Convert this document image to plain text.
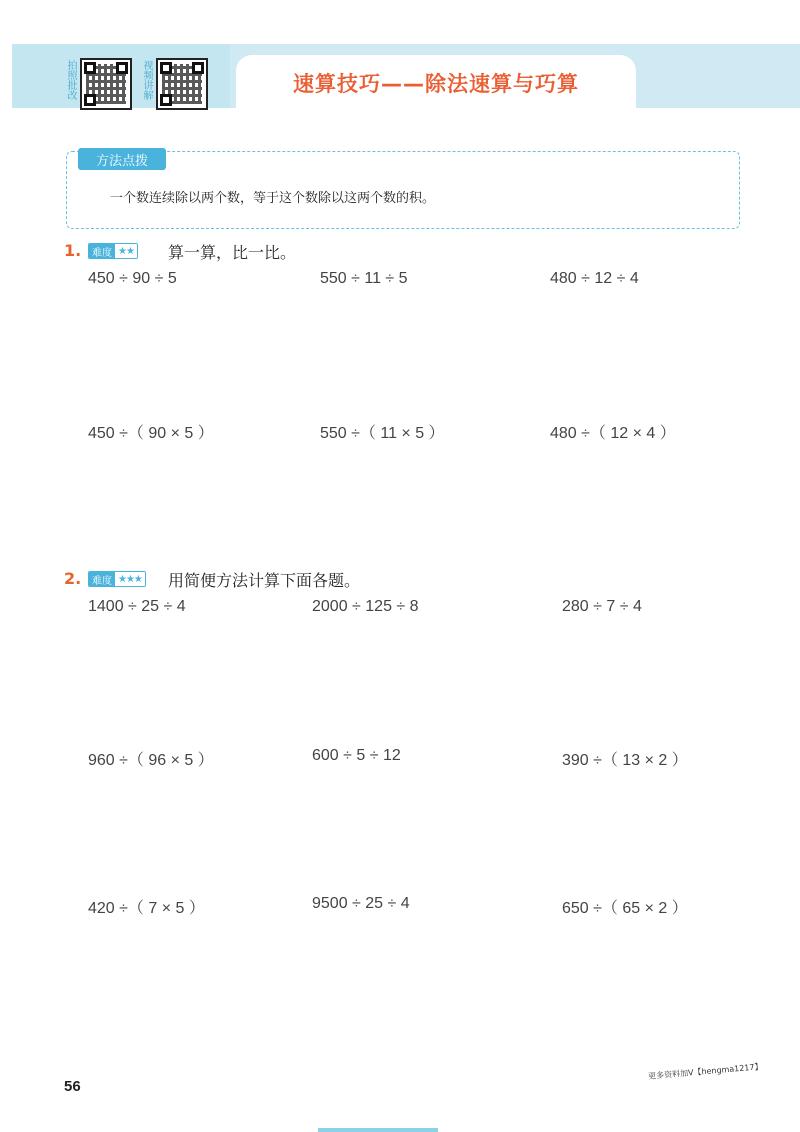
拍照批改	视频讲解	速算技巧——除法速算与巧算
方法点拨
一个数连续除以两个数，等于这个数除以这两个数的积。
1.	难度 ★★ 算一算，比一比。
450 ÷ 90 ÷ 5	550 ÷ 11 ÷ 5	480 ÷ 12 ÷ 4
450 ÷（ 90 × 5 ）	550 ÷（ 11 × 5 ）	480 ÷（ 12 × 4 ）
2.	难度 ★★★ 用简便方法计算下面各题。
1400 ÷ 25 ÷ 4	2000 ÷ 125 ÷ 8	280 ÷ 7 ÷ 4
960 ÷（ 96 × 5 ）	600 ÷ 5 ÷ 12	390 ÷（ 13 × 2 ）
420 ÷（ 7 × 5 ）	9500 ÷ 25 ÷ 4	650 ÷（ 65 × 2 ）
56
更多资料加V【hengma1217】
